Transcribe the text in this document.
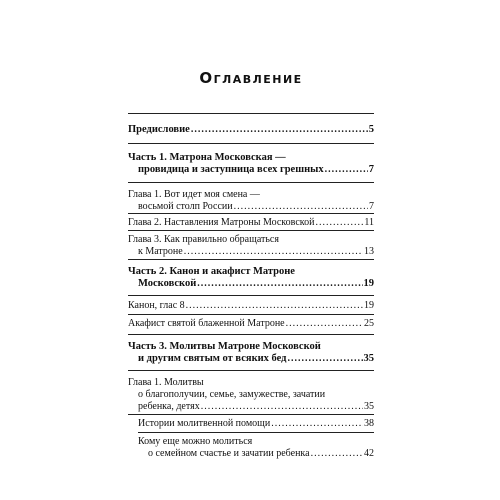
Оглавление
Предисловие .....	5
Часть 1. Матрона Московская —
провидица и заступница всех грешных .....	7
Глава 1. Вот идет моя смена —
восьмой столп России .....	7
Глава 2. Наставления Матроны Московской .....	11
Глава 3. Как правильно обращаться
к Матроне .....	13
Часть 2. Канон и акафист Матроне
Московской .....	19
Канон, глас 8 .....	19
Акафист святой блаженной Матроне .....	25
Часть 3. Молитвы Матроне Московской
и другим святым от всяких бед .....	35
Глава 1. Молитвы
о благополучии, семье, замужестве, зачатии
ребенка, детях .....	35
Истории молитвенной помощи .....	38
Кому еще можно молиться
о семейном счастье и зачатии ребенка .....	42
